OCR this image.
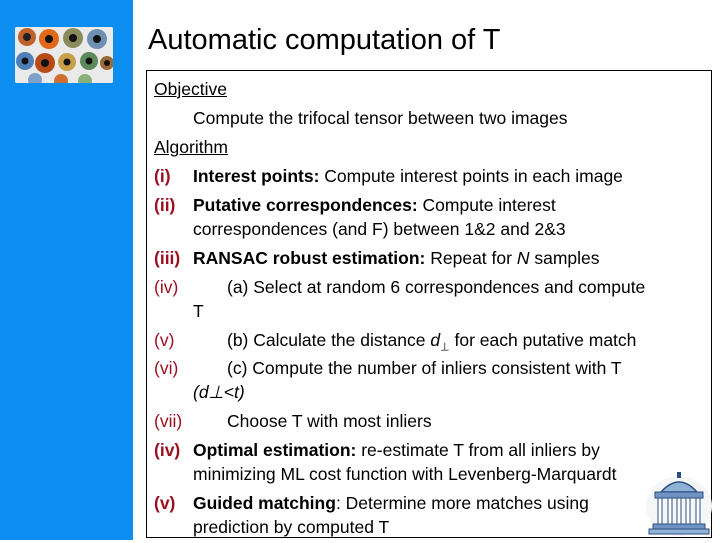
Automatic computation of T
Objective
Compute the trifocal tensor between two images
Algorithm
(i) Interest points: Compute interest points in each image
(ii) Putative correspondences: Compute interest
correspondences (and F) between 1&2 and 2&3
(iii) RANSAC robust estimation: Repeat for N samples
(iv)	(a) Select at random 6 correspondences and compute
T
(v)	(b) Calculate the distance $d_\perp$ for each putative match
(vi)	(c) Compute the number of inliers consistent with T
(d⊥<t)
(vii)	Choose T with most inliers
(iv) Optimal estimation: re-estimate T from all inliers by
minimizing ML cost function with Levenberg-Marquardt
(v) Guided matching: Determine more matches using
prediction by computed T
